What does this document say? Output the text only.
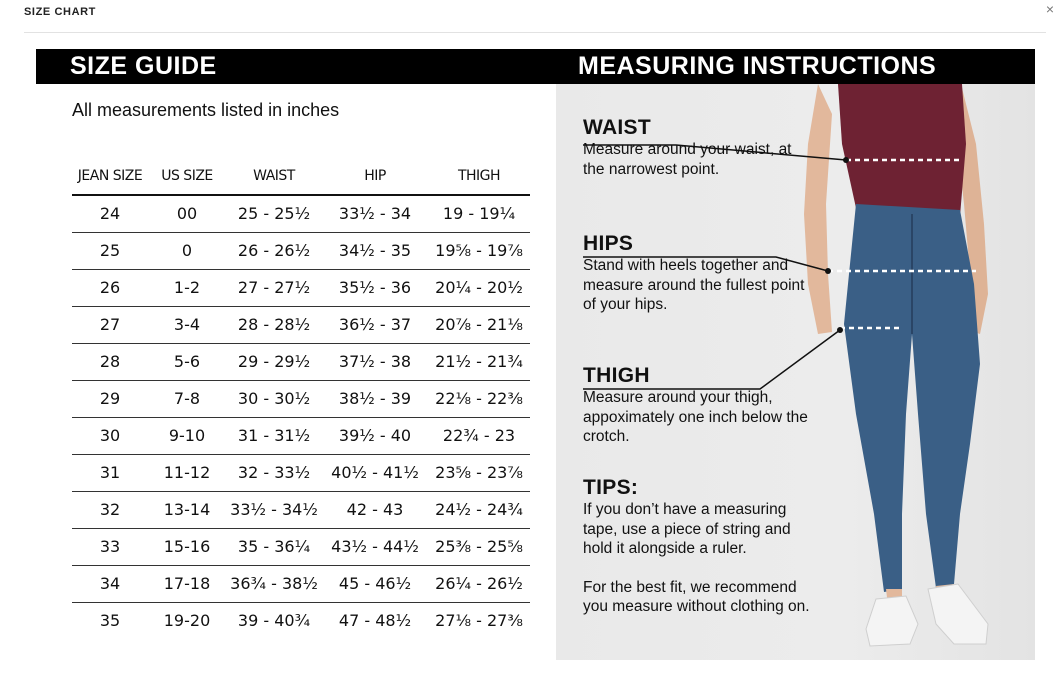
SIZE CHART	×
SIZE GUIDE	MEASURING INSTRUCTIONS
All measurements listed in inches
JEAN SIZE	US SIZE	WAIST	HIP	THIGH
24	00	25 - 25½	33½ - 34	19 - 19¼
25	0	26 - 26½	34½ - 35	19⅝ - 19⅞
26	1-2	27 - 27½	35½ - 36	20¼ - 20½
27	3-4	28 - 28½	36½ - 37	20⅞ - 21⅛
28	5-6	29 - 29½	37½ - 38	21½ - 21¾
29	7-8	30 - 30½	38½ - 39	22⅛ - 22⅜
30	9-10	31 - 31½	39½ - 40	22¾ - 23
31	11-12	32 - 33½	40½ - 41½	23⅝ - 23⅞
32	13-14	33½ - 34½	42 - 43	24½ - 24¾
33	15-16	35 - 36¼	43½ - 44½	25⅜ - 25⅝
34	17-18	36¾ - 38½	45 - 46½	26¼ - 26½
35	19-20	39 - 40¾	47 - 48½	27⅛ - 27⅜
WAIST

Measure around your waist, at the narrowest point.

HIPS

Stand with heels together and measure around the fullest point of your hips.

THIGH

Measure around your thigh, appoximately one inch below the crotch.

TIPS:

If you don’t have a measuring tape, use a piece of string and hold it alongside a ruler.

For the best fit, we recommend you measure without clothing on.
